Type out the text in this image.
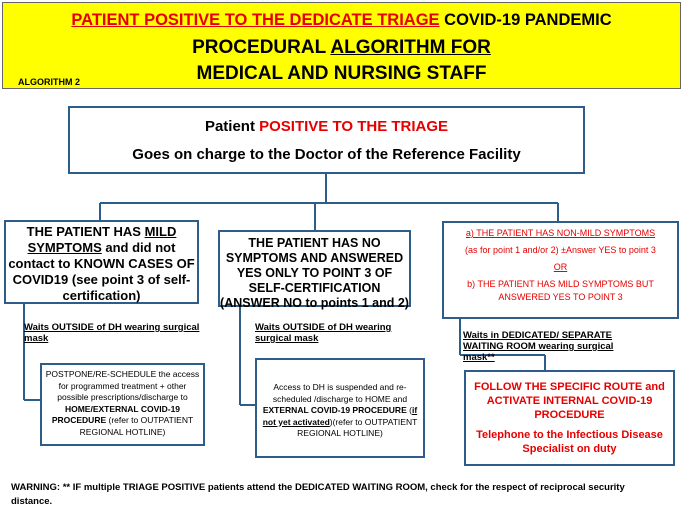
PATIENT POSITIVE TO THE DEDICATE TRIAGE COVID-19 PANDEMIC
PROCEDURAL ALGORITHM FOR
MEDICAL AND NURSING STAFF
ALGORITHM 2
Patient POSITIVE TO THE TRIAGE
Goes on charge to the Doctor of the Reference Facility
THE PATIENT HAS MILD SYMPTOMS and did not contact to KNOWN CASES OF COVID19 (see point 3 of self-certification)
THE PATIENT HAS NO SYMPTOMS AND ANSWERED YES ONLY TO POINT 3 OF SELF-CERTIFICATION (ANSWER NO to points 1 and 2)

a) THE PATIENT HAS NON-MILD SYMPTOMS

(as for point 1 and/or 2) ±Answer YES to point 3

OR

b) THE PATIENT HAS MILD SYMPTOMS BUT ANSWERED YES TO POINT 3

Waits OUTSIDE of DH wearing surgical mask
Waits OUTSIDE of DH wearing surgical mask	Waits in DEDICATED/ SEPARATE WAITING ROOM wearing surgical mask**
POSTPONE/RE-SCHEDULE the access for programmed treatment + other possible prescriptions/discharge to HOME/EXTERNAL COVID-19 PROCEDURE (refer to OUTPATIENT REGIONAL HOTLINE)
Access to DH is suspended and re-scheduled /discharge to HOME and EXTERNAL COVID-19 PROCEDURE (if not yet activated)(refer to OUTPATIENT REGIONAL HOTLINE)

FOLLOW THE SPECIFIC ROUTE and ACTIVATE INTERNAL COVID-19 PROCEDURE

Telephone to the Infectious Disease Specialist on duty

WARNING: ** IF multiple TRIAGE POSITIVE patients attend the DEDICATED WAITING ROOM, check for the respect of reciprocal security distance.
